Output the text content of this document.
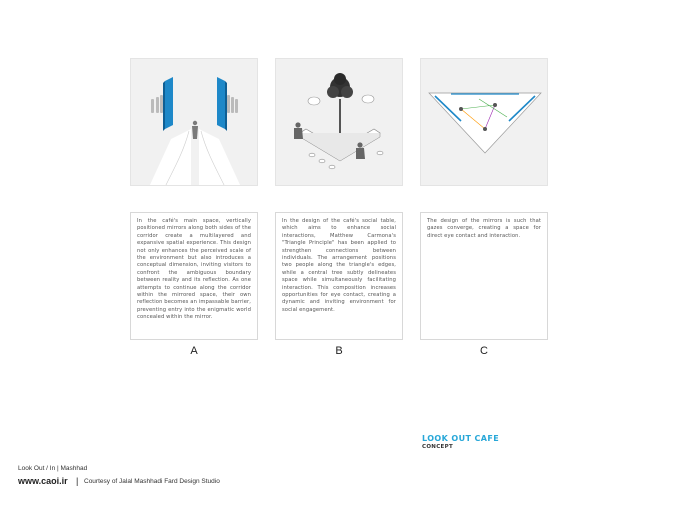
In the café's main space, vertically positioned mirrors along both sides of the corridor create a multilayered and expansive spatial experience. This design not only enhances the perceived scale of the environment but also introduces a conceptual dimension, inviting visitors to confront the ambiguous boundary between reality and its reflection. As one attempts to continue along the corridor within the mirrored space, their own reflection becomes an impassable barrier, preventing entry into the enigmatic world concealed within the mirror.
In the design of the café's social table, which aims to enhance social interactions, Matthew Carmona's "Triangle Principle" has been applied to strengthen connections between individuals. The arrangement positions two people along the triangle's edges, while a central tree subtly delineates space while simultaneously facilitating interaction. This composition increases opportunities for eye contact, creating a dynamic and inviting environment for social engagement.
The design of the mirrors is such that gazes converge, creating a space for direct eye contact and interaction.
A	B	C
LOOK OUT CAFE
CONCEPT
Look Out / In | Mashhad
www.caoi.ir | Courtesy of Jalal Mashhadi Fard Design Studio
